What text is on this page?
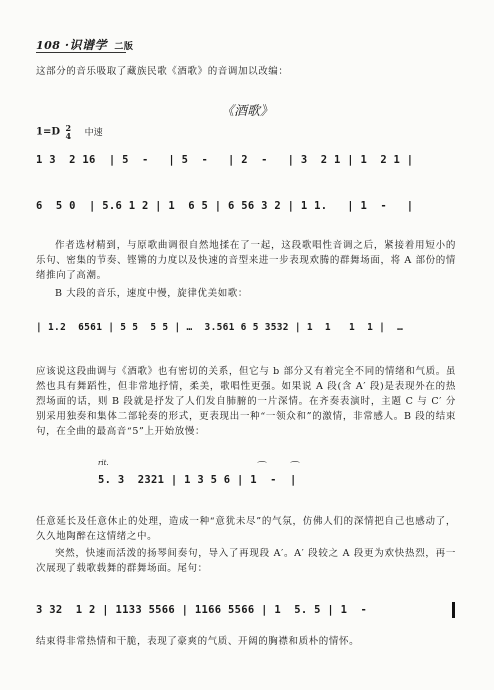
108 ·识谱学 二版
这部分的音乐吸取了藏族民歌《酒歌》的音调加以改编：
《酒歌》
1=D 2
4 中速
1 3  2 16  | 5  -   | 5  -   | 2  -   | 3  2 1 | 1  2 1 |
6  5 0  | 5.6 1 2 | 1  6 5 | 6 56 3 2 | 1 1.   | 1  -   |
作者选材精到，与原歌曲调很自然地揉在了一起，这段歌唱性音调之后，紧接着用短小的乐句、密集的节奏、铿锵的力度以及快速的音型来进一步表现欢腾的群舞场面，将 A 部份的情绪推向了高潮。
B 大段的音乐，速度中慢，旋律优美如歌：
| 1.2  6561 | 5 5  5 5 | …  3.561 6 5 3532 | 1  1   1  1 |  …
应该说这段曲调与《酒歌》也有密切的关系，但它与 b 部分又有着完全不同的情绪和气质。虽然也具有舞蹈性，但非常地抒情，柔美，歌唱性更强。如果说 A 段(含 A′ 段)是表现外在的热烈场面的话，则 B 段就是抒发了人们发自肺腑的一片深情。在齐奏表演时，主题 C 与 C′ 分别采用独奏和集体二部轮奏的形式，更表现出一种“一领众和”的激情，非常感人。B 段的结束句，在全曲的最高音“5”上开始放慢：
rit.	⌒ ⌒
5. 3  2321 | 1 3 5 6 | 1  -  |
任意延长及任意休止的处理，造成一种“意犹未尽”的气氛，仿佛人们的深情把自己也感动了，久久地陶醉在这情绪之中。
突然，快速而活泼的扬琴间奏句，导入了再现段 A′。A′ 段较之 A 段更为欢快热烈，再一次展现了载歌载舞的群舞场面。尾句：
3 32  1 2 | 1133 5566 | 1166 5566 | 1  5. 5 | 1  -
结束得非常热情和干脆，表现了豪爽的气质、开阔的胸襟和质朴的情怀。
